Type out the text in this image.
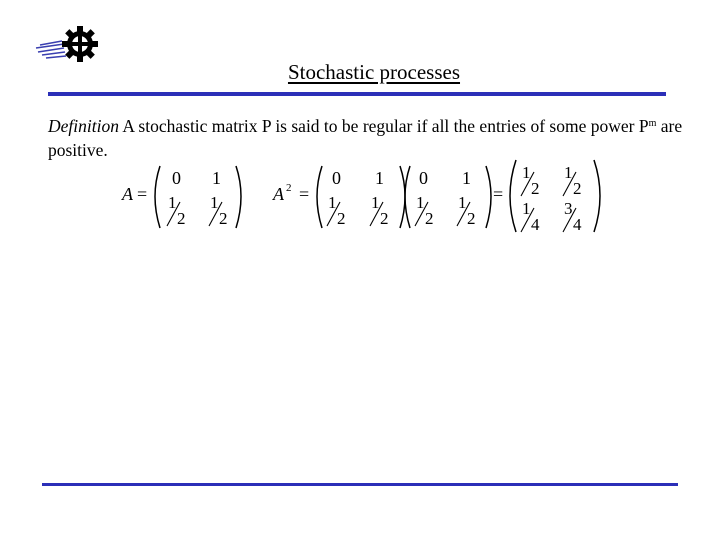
Stochastic processes
Definition A stochastic matrix P is said to be regular if all the entries of some power $P^m$ are positive.
A =
0 1
1
2
1
2
A 2 =
0 1
1
2
1
2
0 1
1
2
1
2
=
1
2
1
2
1
4
3
4
